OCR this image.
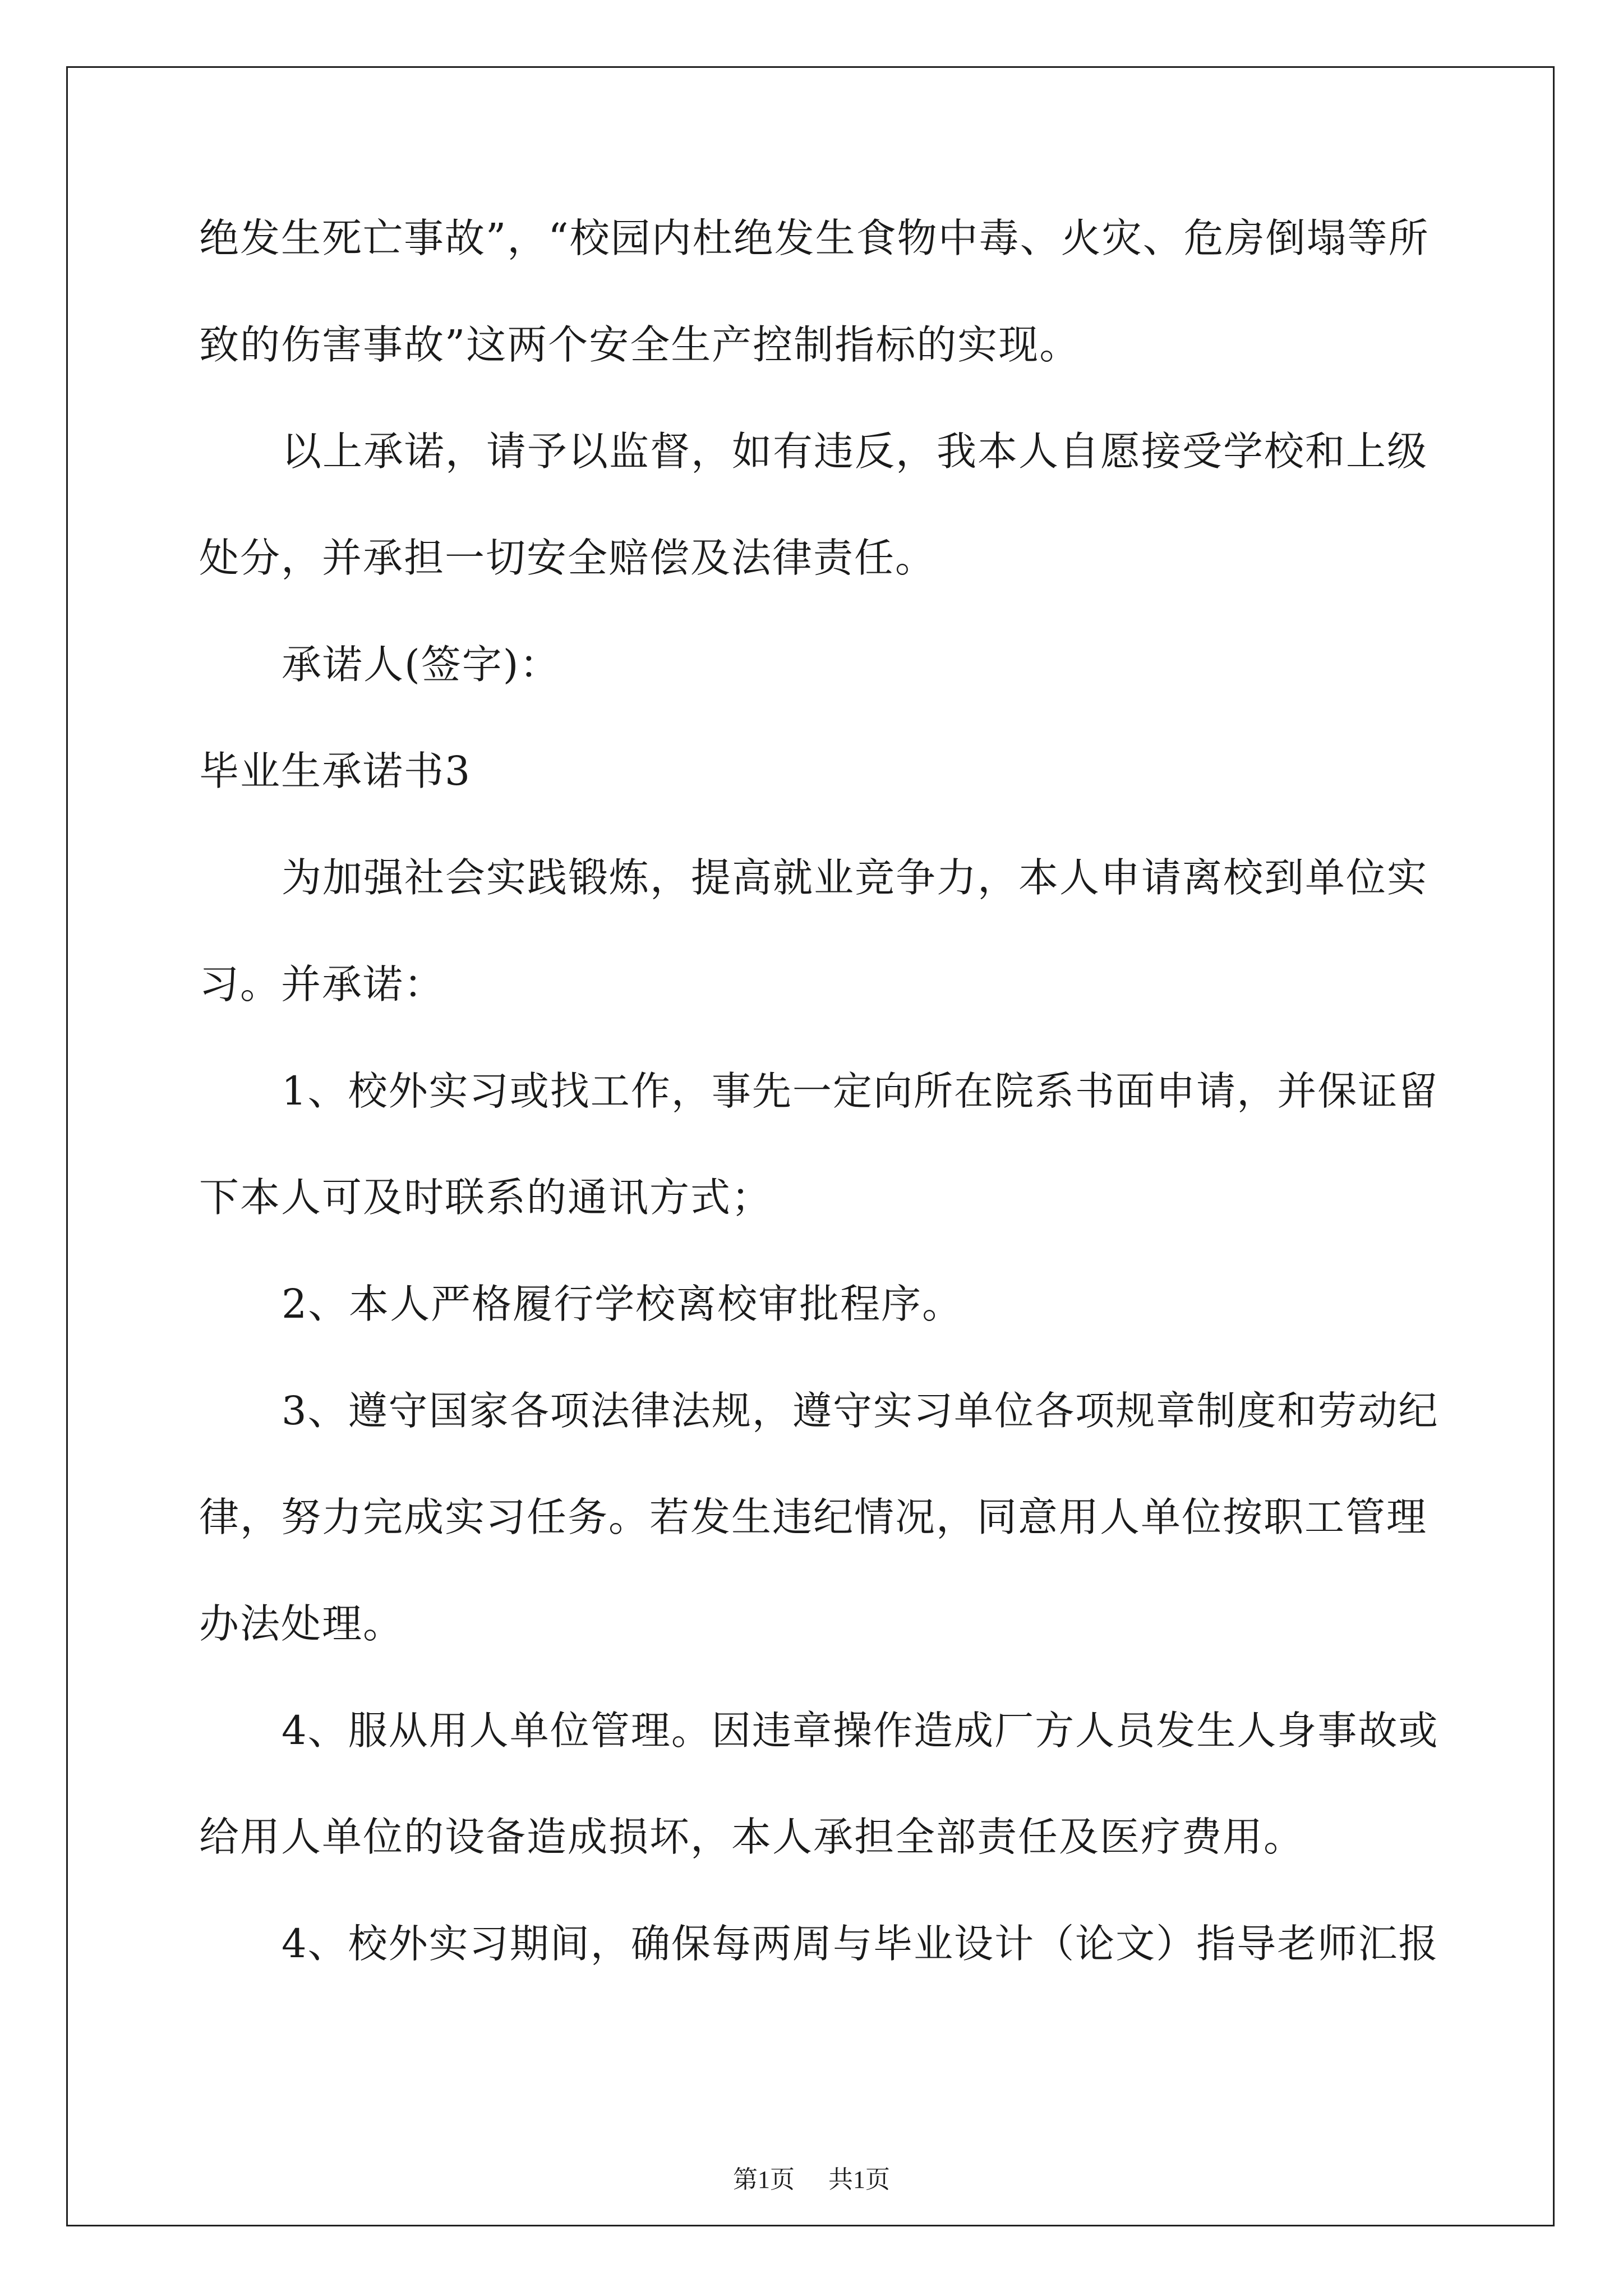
绝发生死亡事故”，“校园内杜绝发生食物中毒、火灾、危房倒塌等所
致的伤害事故”这两个安全生产控制指标的实现。
以上承诺，请予以监督，如有违反，我本人自愿接受学校和上级
处分，并承担一切安全赔偿及法律责任。
承诺人(签字)：
毕业生承诺书3
为加强社会实践锻炼，提高就业竞争力，本人申请离校到单位实
习。并承诺：
1、校外实习或找工作，事先一定向所在院系书面申请，并保证留
下本人可及时联系的通讯方式；
2、本人严格履行学校离校审批程序。
3、遵守国家各项法律法规，遵守实习单位各项规章制度和劳动纪
律，努力完成实习任务。若发生违纪情况，同意用人单位按职工管理
办法处理。
4、服从用人单位管理。因违章操作造成厂方人员发生人身事故或
给用人单位的设备造成损坏，本人承担全部责任及医疗费用。
4、校外实习期间，确保每两周与毕业设计（论文）指导老师汇报
第1页 共1页
